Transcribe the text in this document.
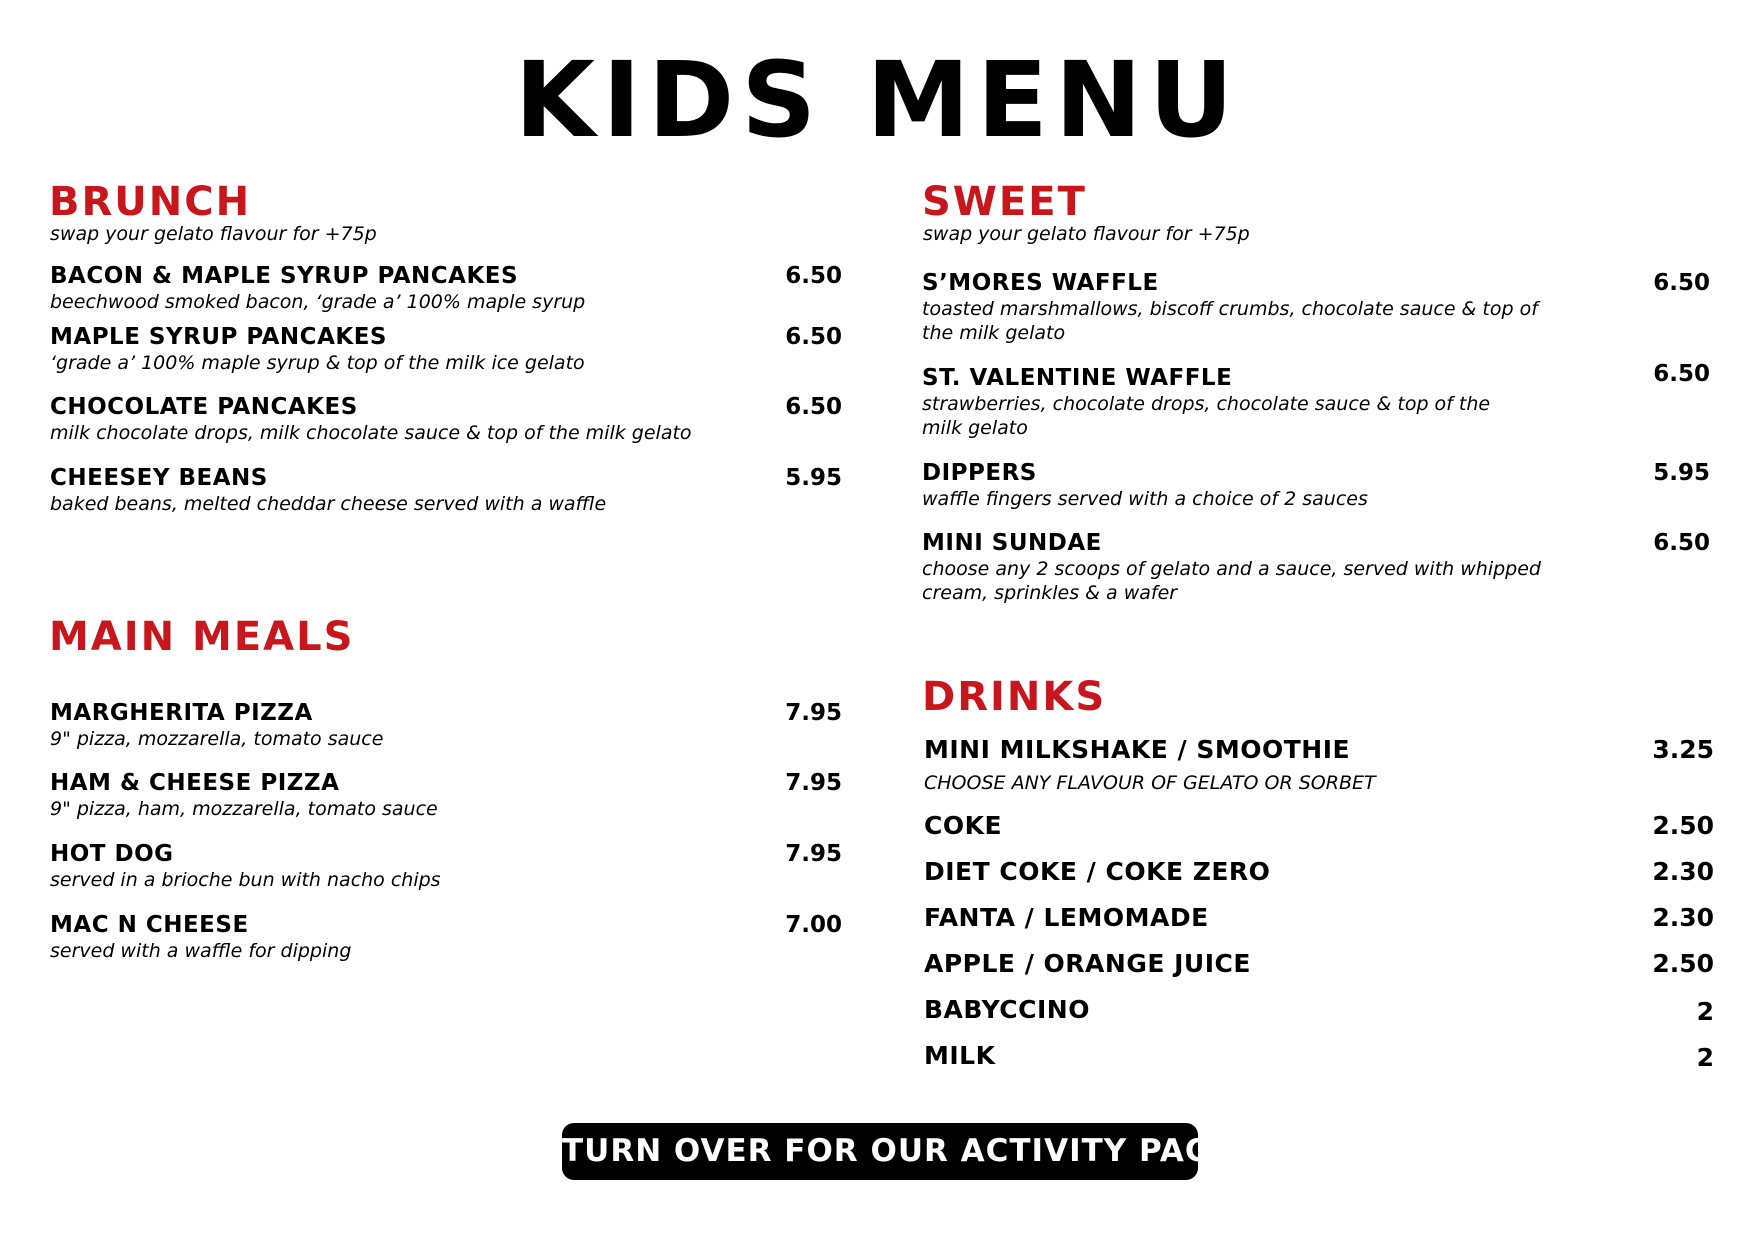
KIDS MENU
BRUNCH
swap your gelato flavour for +75p
BACON & MAPLE SYRUP PANCAKES
beechwood smoked bacon, ‘grade a’ 100% maple syrup
6.50
MAPLE SYRUP PANCAKES
‘grade a’ 100% maple syrup & top of the milk ice gelato
6.50
CHOCOLATE PANCAKES
milk chocolate drops, milk chocolate sauce & top of the milk gelato
6.50
CHEESEY BEANS
baked beans, melted cheddar cheese served with a waffle
5.95
MAIN MEALS
MARGHERITA PIZZA
9" pizza, mozzarella, tomato sauce
7.95
HAM & CHEESE PIZZA
9" pizza, ham, mozzarella, tomato sauce
7.95
HOT DOG
served in a brioche bun with nacho chips
7.95
MAC N CHEESE
served with a waffle for dipping
7.00
SWEET
swap your gelato flavour for +75p
S’MORES WAFFLE
toasted marshmallows, biscoff crumbs, chocolate sauce & top of the milk gelato
6.50
ST. VALENTINE WAFFLE
strawberries, chocolate drops, chocolate sauce & top of the milk gelato
6.50
DIPPERS
waffle fingers served with a choice of 2 sauces
5.95
MINI SUNDAE
choose any 2 scoops of gelato and a sauce, served with whipped cream, sprinkles & a wafer
6.50
DRINKS
MINI MILKSHAKE / SMOOTHIE	3.25
CHOOSE ANY FLAVOUR OF GELATO OR SORBET
COKE	2.50
DIET COKE / COKE ZERO	2.30
FANTA / LEMOMADE	2.30
APPLE / ORANGE JUICE	2.50
BABYCCINO	2
MILK	2
TURN OVER FOR OUR ACTIVITY PAGE
